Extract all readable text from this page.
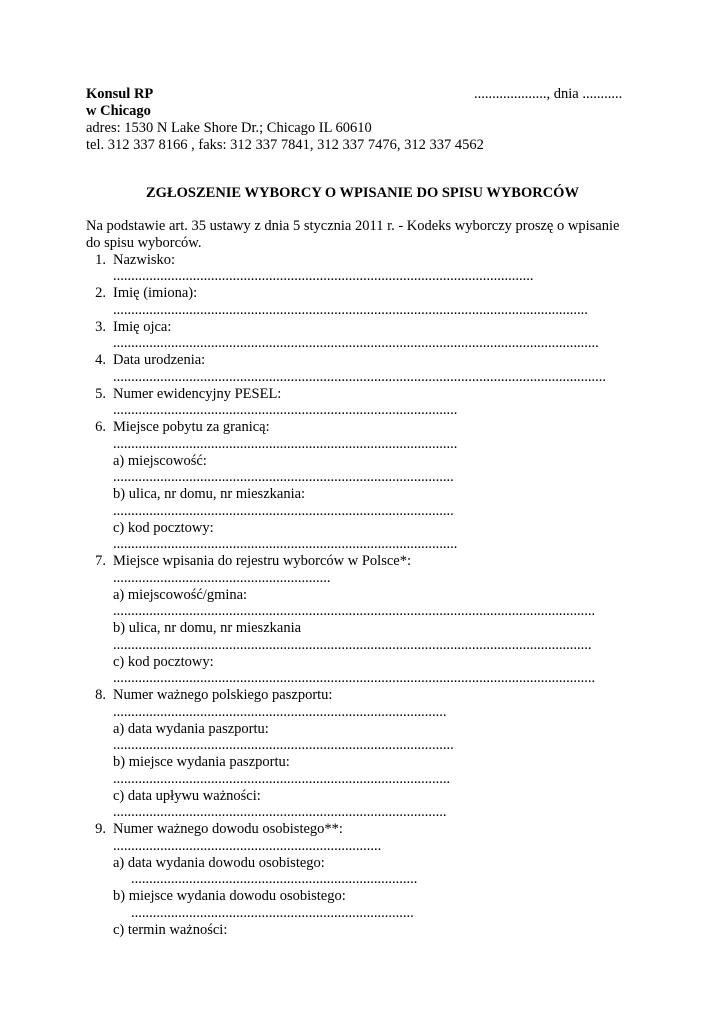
Konsul RP	...................., dnia ...........
w Chicago
adres: 1530 N Lake Shore Dr.; Chicago IL 60610
tel. 312 337 8166 , faks: 312 337 7841, 312 337 7476, 312 337 4562
ZGŁOSZENIE WYBORCY O WPISANIE DO SPISU WYBORCÓW
Na podstawie art. 35 ustawy z dnia 5 stycznia 2011 r. - Kodeks wyborczy proszę o wpisanie
do spisu wyborców.
1. Nazwisko:
....................................................................................................................
2. Imię (imiona):
...................................................................................................................................
3. Imię ojca:
......................................................................................................................................
4. Data urodzenia:
........................................................................................................................................
5. Numer ewidencyjny PESEL:
...............................................................................................
6. Miejsce pobytu za granicą:
...............................................................................................
a) miejscowość:
..............................................................................................
b) ulica, nr domu, nr mieszkania:
..............................................................................................
c) kod pocztowy:
...............................................................................................
7. Miejsce wpisania do rejestru wyborców w Polsce*:
............................................................
a) miejscowość/gmina:
.....................................................................................................................................
b) ulica, nr domu, nr mieszkania
....................................................................................................................................
c) kod pocztowy:
.....................................................................................................................................
8. Numer ważnego polskiego paszportu:
............................................................................................
a) data wydania paszportu:
..............................................................................................
b) miejsce wydania paszportu:
.............................................................................................
c) data upływu ważności:
............................................................................................
9. Numer ważnego dowodu osobistego**:
..........................................................................
a) data wydania dowodu osobistego:
...............................................................................
b) miejsce wydania dowodu osobistego:
..............................................................................
c) termin ważności:
